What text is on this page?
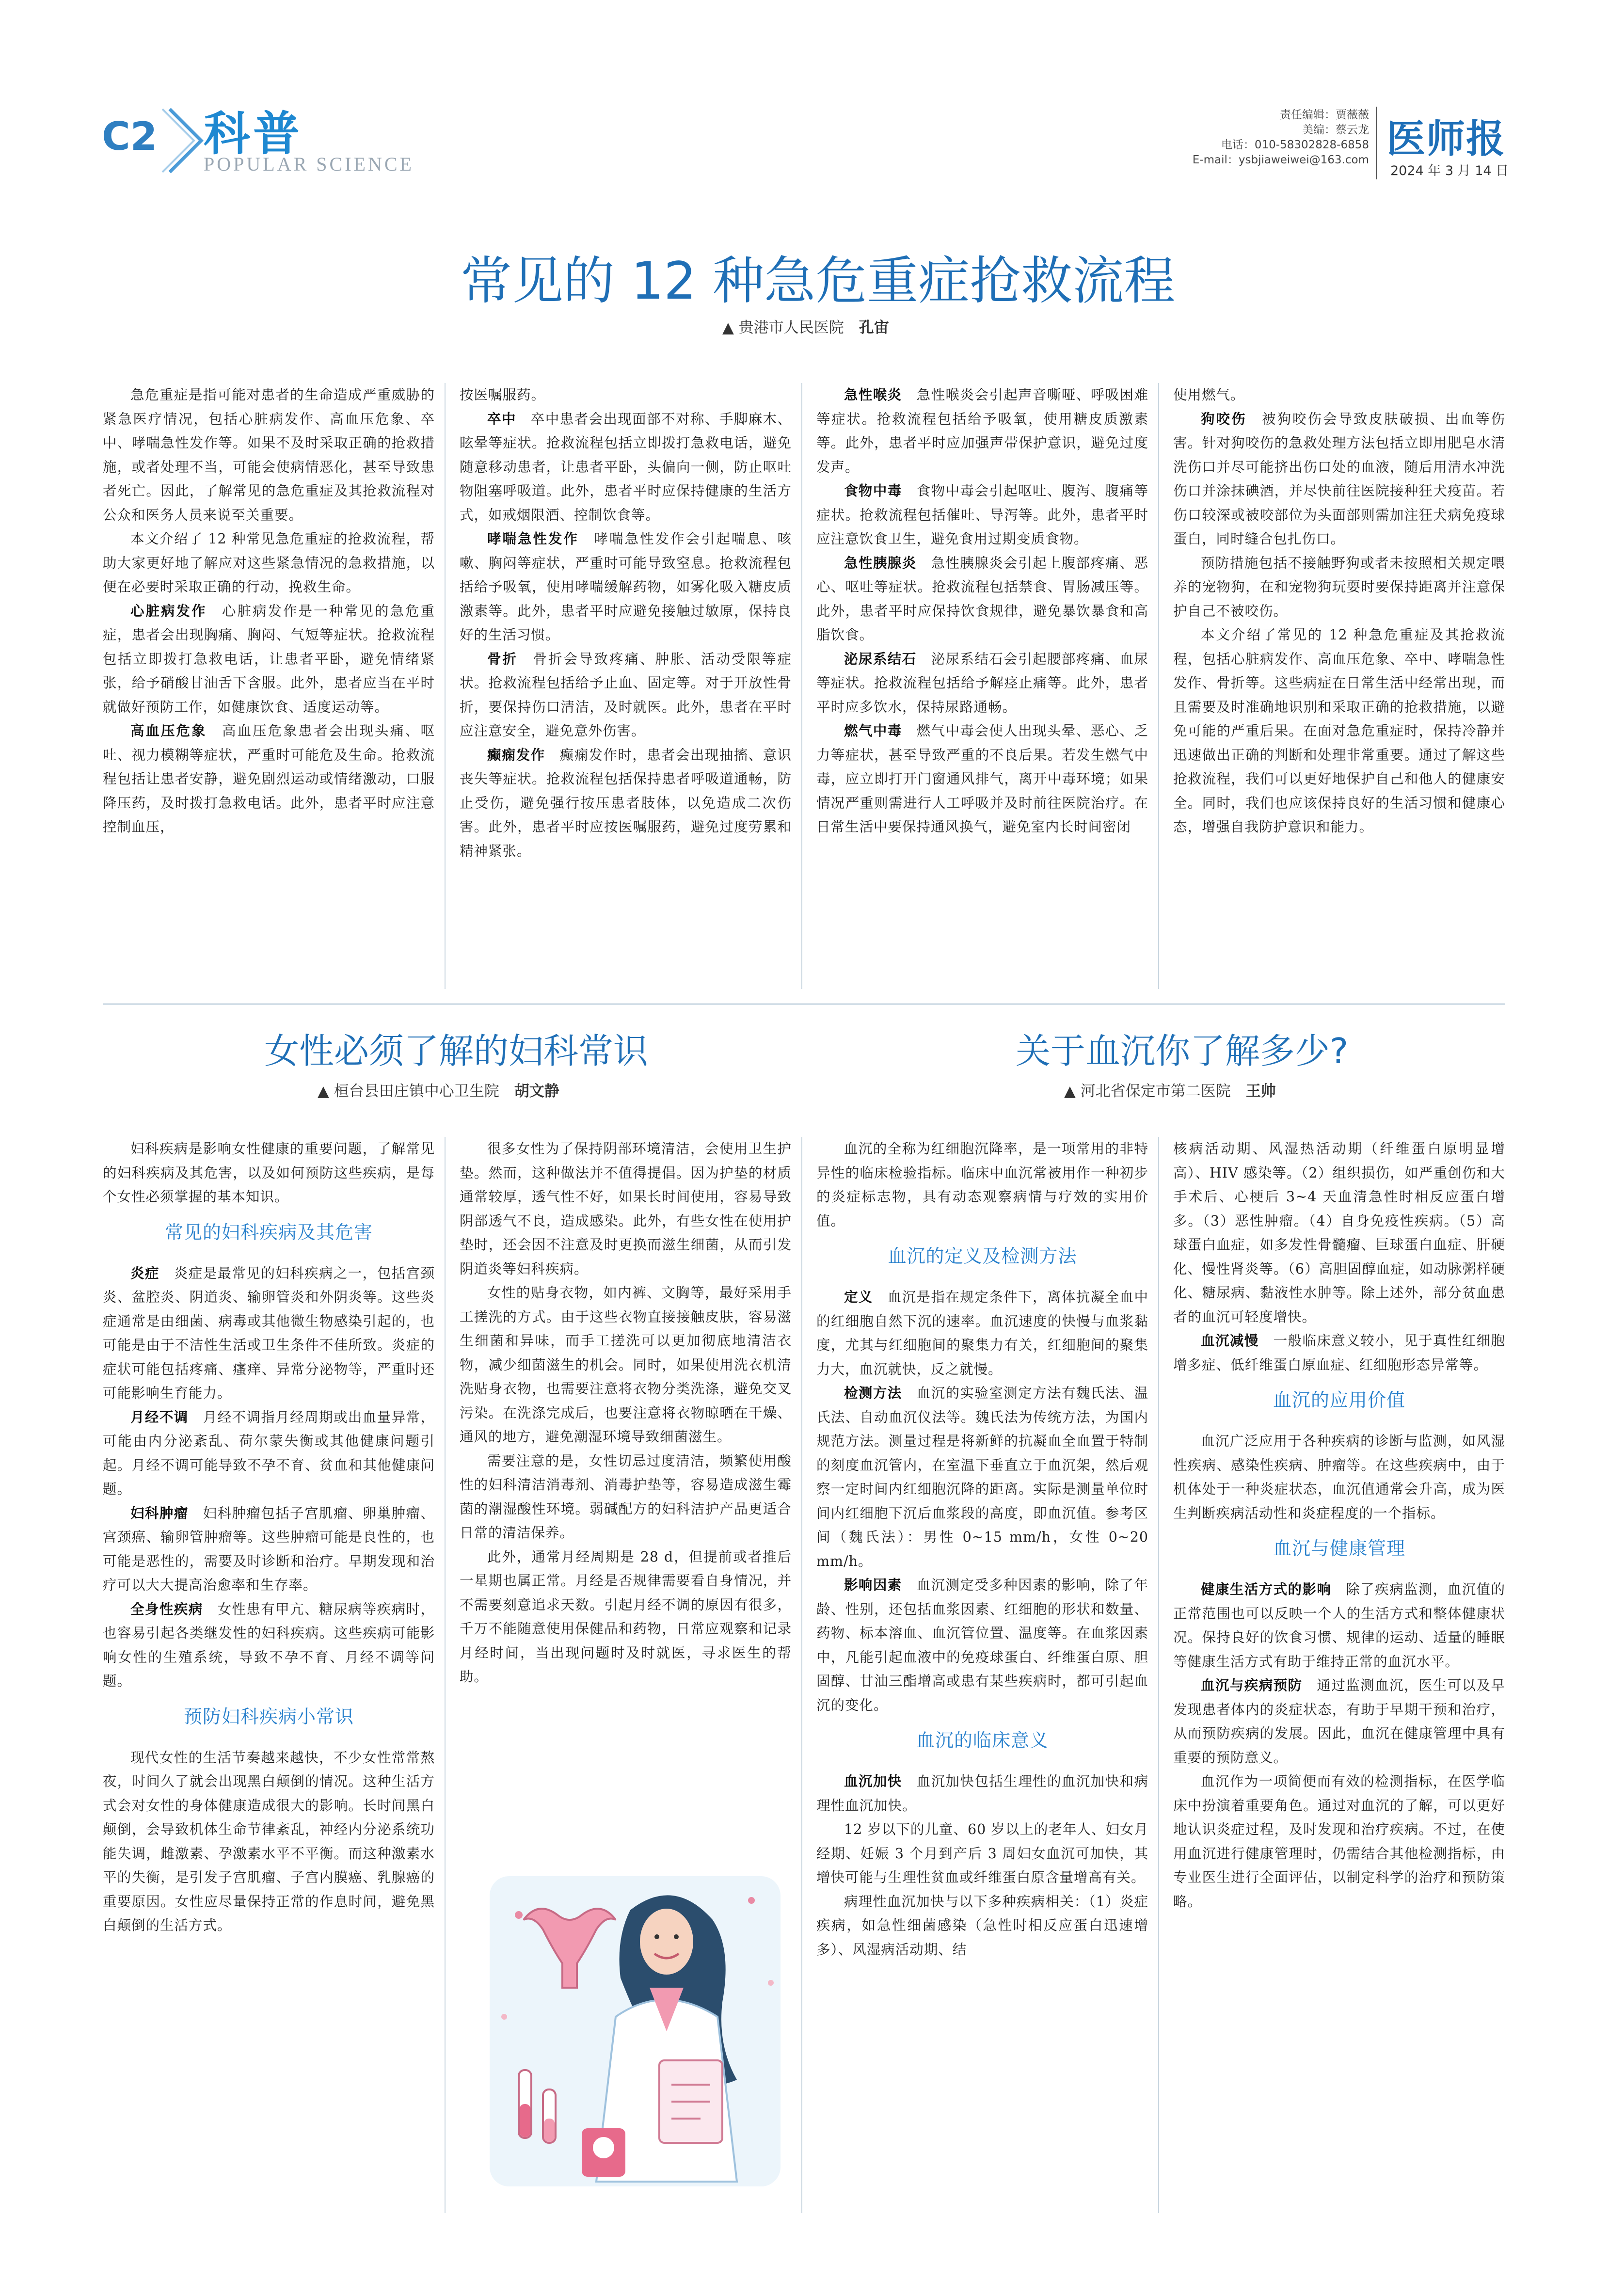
C2 科普
POPULAR SCIENCE
责任编辑：贾薇薇
美编：蔡云龙
电话：010-58302828-6858
E-mail：ysbjiaweiwei@163.com 医师报
2024 年 3 月 14 日
常见的 12 种急危重症抢救流程
▲ 贵港市人民医院　 孔宙

急危重症是指可能对患者的生命造成严重威胁的紧急医疗情况，包括心脏病发作、高血压危象、卒中、哮喘急性发作等。如果不及时采取正确的抢救措施，或者处理不当，可能会使病情恶化，甚至导致患者死亡。因此，了解常见的急危重症及其抢救流程对公众和医务人员来说至关重要。

本文介绍了 12 种常见急危重症的抢救流程，帮助大家更好地了解应对这些紧急情况的急救措施，以便在必要时采取正确的行动，挽救生命。

心脏病发作　 心脏病发作是一种常见的急危重症，患者会出现胸痛、胸闷、气短等症状。抢救流程包括立即拨打急救电话，让患者平卧，避免情绪紧张，给予硝酸甘油舌下含服。此外，患者应当在平时就做好预防工作，如健康饮食、适度运动等。

高血压危象　 高血压危象患者会出现头痛、呕吐、视力模糊等症状，严重时可能危及生命。抢救流程包括让患者安静，避免剧烈运动或情绪激动，口服降压药，及时拨打急救电话。此外，患者平时应注意控制血压，

按医嘱服药。

卒中　 卒中患者会出现面部不对称、手脚麻木、眩晕等症状。抢救流程包括立即拨打急救电话，避免随意移动患者，让患者平卧，头偏向一侧，防止呕吐物阻塞呼吸道。此外，患者平时应保持健康的生活方式，如戒烟限酒、控制饮食等。

哮喘急性发作　 哮喘急性发作会引起喘息、咳嗽、胸闷等症状，严重时可能导致窒息。抢救流程包括给予吸氧，使用哮喘缓解药物，如雾化吸入糖皮质激素等。此外，患者平时应避免接触过敏原，保持良好的生活习惯。

骨折　 骨折会导致疼痛、肿胀、活动受限等症状。抢救流程包括给予止血、固定等。对于开放性骨折，要保持伤口清洁，及时就医。此外，患者在平时应注意安全，避免意外伤害。

癫痫发作　 癫痫发作时，患者会出现抽搐、意识丧失等症状。抢救流程包括保持患者呼吸道通畅，防止受伤，避免强行按压患者肢体，以免造成二次伤害。此外，患者平时应按医嘱服药，避免过度劳累和精神紧张。

急性喉炎　 急性喉炎会引起声音嘶哑、呼吸困难等症状。抢救流程包括给予吸氧，使用糖皮质激素等。此外，患者平时应加强声带保护意识，避免过度发声。

食物中毒　 食物中毒会引起呕吐、腹泻、腹痛等症状。抢救流程包括催吐、导泻等。此外，患者平时应注意饮食卫生，避免食用过期变质食物。

急性胰腺炎　 急性胰腺炎会引起上腹部疼痛、恶心、呕吐等症状。抢救流程包括禁食、胃肠减压等。此外，患者平时应保持饮食规律，避免暴饮暴食和高脂饮食。

泌尿系结石　 泌尿系结石会引起腰部疼痛、血尿等症状。抢救流程包括给予解痉止痛等。此外，患者平时应多饮水，保持尿路通畅。

燃气中毒　 燃气中毒会使人出现头晕、恶心、乏力等症状，甚至导致严重的不良后果。若发生燃气中毒，应立即打开门窗通风排气，离开中毒环境；如果情况严重则需进行人工呼吸并及时前往医院治疗。在日常生活中要保持通风换气，避免室内长时间密闭

使用燃气。

狗咬伤　 被狗咬伤会导致皮肤破损、出血等伤害。针对狗咬伤的急救处理方法包括立即用肥皂水清洗伤口并尽可能挤出伤口处的血液，随后用清水冲洗伤口并涂抹碘酒，并尽快前往医院接种狂犬疫苗。若伤口较深或被咬部位为头面部则需加注狂犬病免疫球蛋白，同时缝合包扎伤口。

预防措施包括不接触野狗或者未按照相关规定喂养的宠物狗，在和宠物狗玩耍时要保持距离并注意保护自己不被咬伤。

本文介绍了常见的 12 种急危重症及其抢救流程，包括心脏病发作、高血压危象、卒中、哮喘急性发作、骨折等。这些病症在日常生活中经常出现，而且需要及时准确地识别和采取正确的抢救措施，以避免可能的严重后果。在面对急危重症时，保持冷静并迅速做出正确的判断和处理非常重要。通过了解这些抢救流程，我们可以更好地保护自己和他人的健康安全。同时，我们也应该保持良好的生活习惯和健康心态，增强自我防护意识和能力。

女性必须了解的妇科常识
▲ 桓台县田庄镇中心卫生院　 胡文静

妇科疾病是影响女性健康的重要问题，了解常见的妇科疾病及其危害，以及如何预防这些疾病，是每个女性必须掌握的基本知识。

常见的妇科疾病及其危害

炎症　 炎症是最常见的妇科疾病之一，包括宫颈炎、盆腔炎、阴道炎、输卵管炎和外阴炎等。这些炎症通常是由细菌、病毒或其他微生物感染引起的，也可能是由于不洁性生活或卫生条件不佳所致。炎症的症状可能包括疼痛、瘙痒、异常分泌物等，严重时还可能影响生育能力。

月经不调　 月经不调指月经周期或出血量异常，可能由内分泌紊乱、荷尔蒙失衡或其他健康问题引起。月经不调可能导致不孕不育、贫血和其他健康问题。

妇科肿瘤　 妇科肿瘤包括子宫肌瘤、卵巢肿瘤、宫颈癌、输卵管肿瘤等。这些肿瘤可能是良性的，也可能是恶性的，需要及时诊断和治疗。早期发现和治疗可以大大提高治愈率和生存率。

全身性疾病　 女性患有甲亢、糖尿病等疾病时，也容易引起各类继发性的妇科疾病。这些疾病可能影响女性的生殖系统，导致不孕不育、月经不调等问题。

预防妇科疾病小常识

现代女性的生活节奏越来越快，不少女性常常熬夜，时间久了就会出现黑白颠倒的情况。这种生活方式会对女性的身体健康造成很大的影响。长时间黑白颠倒，会导致机体生命节律紊乱，神经内分泌系统功能失调，雌激素、孕激素水平不平衡。而这种激素水平的失衡，是引发子宫肌瘤、子宫内膜癌、乳腺癌的重要原因。女性应尽量保持正常的作息时间，避免黑白颠倒的生活方式。

很多女性为了保持阴部环境清洁，会使用卫生护垫。然而，这种做法并不值得提倡。因为护垫的材质通常较厚，透气性不好，如果长时间使用，容易导致阴部透气不良，造成感染。此外，有些女性在使用护垫时，还会因不注意及时更换而滋生细菌，从而引发阴道炎等妇科疾病。

女性的贴身衣物，如内裤、文胸等，最好采用手工搓洗的方式。由于这些衣物直接接触皮肤，容易滋生细菌和异味，而手工搓洗可以更加彻底地清洁衣物，减少细菌滋生的机会。同时，如果使用洗衣机清洗贴身衣物，也需要注意将衣物分类洗涤，避免交叉污染。在洗涤完成后，也要注意将衣物晾晒在干燥、通风的地方，避免潮湿环境导致细菌滋生。

需要注意的是，女性切忌过度清洁，频繁使用酸性的妇科清洁消毒剂、消毒护垫等，容易造成滋生霉菌的潮湿酸性环境。弱碱配方的妇科洁护产品更适合日常的清洁保养。

此外，通常月经周期是 28 d，但提前或者推后一星期也属正常。月经是否规律需要看自身情况，并不需要刻意追求天数。引起月经不调的原因有很多，千万不能随意使用保健品和药物，日常应观察和记录月经时间，当出现问题时及时就医，寻求医生的帮助。

关于血沉你了解多少?
▲ 河北省保定市第二医院　 王帅

血沉的全称为红细胞沉降率，是一项常用的非特异性的临床检验指标。临床中血沉常被用作一种初步的炎症标志物，具有动态观察病情与疗效的实用价值。

血沉的定义及检测方法

定义　 血沉是指在规定条件下，离体抗凝全血中的红细胞自然下沉的速率。血沉速度的快慢与血浆黏度，尤其与红细胞间的聚集力有关，红细胞间的聚集力大，血沉就快，反之就慢。

检测方法　 血沉的实验室测定方法有魏氏法、温氏法、自动血沉仪法等。魏氏法为传统方法，为国内规范方法。测量过程是将新鲜的抗凝血全血置于特制的刻度血沉管内，在室温下垂直立于血沉架，然后观察一定时间内红细胞沉降的距离。实际是测量单位时间内红细胞下沉后血浆段的高度，即血沉值。参考区间（魏氏法）：男性 0~15 mm/h，女性 0~20 mm/h。

影响因素　 血沉测定受多种因素的影响，除了年龄、性别，还包括血浆因素、红细胞的形状和数量、药物、标本溶血、血沉管位置、温度等。在血浆因素中，凡能引起血液中的免疫球蛋白、纤维蛋白原、胆固醇、甘油三酯增高或患有某些疾病时，都可引起血沉的变化。

血沉的临床意义

血沉加快　 血沉加快包括生理性的血沉加快和病理性血沉加快。

12 岁以下的儿童、60 岁以上的老年人、妇女月经期、妊娠 3 个月到产后 3 周妇女血沉可加快，其增快可能与生理性贫血或纤维蛋白原含量增高有关。

病理性血沉加快与以下多种疾病相关：（1）炎症疾病，如急性细菌感染（急性时相反应蛋白迅速增多）、风湿病活动期、结

核病活动期、风湿热活动期（纤维蛋白原明显增高）、HIV 感染等。（2）组织损伤，如严重创伤和大手术后、心梗后 3~4 天血清急性时相反应蛋白增多。（3）恶性肿瘤。（4）自身免疫性疾病。（5）高球蛋白血症，如多发性骨髓瘤、巨球蛋白血症、肝硬化、慢性肾炎等。（6）高胆固醇血症，如动脉粥样硬化、糖尿病、黏液性水肿等。除上述外，部分贫血患者的血沉可轻度增快。

血沉减慢　 一般临床意义较小，见于真性红细胞增多症、低纤维蛋白原血症、红细胞形态异常等。

血沉的应用价值

血沉广泛应用于各种疾病的诊断与监测，如风湿性疾病、感染性疾病、肿瘤等。在这些疾病中，由于机体处于一种炎症状态，血沉值通常会升高，成为医生判断疾病活动性和炎症程度的一个指标。

血沉与健康管理

健康生活方式的影响　 除了疾病监测，血沉值的正常范围也可以反映一个人的生活方式和整体健康状况。保持良好的饮食习惯、规律的运动、适量的睡眠等健康生活方式有助于维持正常的血沉水平。

血沉与疾病预防　 通过监测血沉，医生可以及早发现患者体内的炎症状态，有助于早期干预和治疗，从而预防疾病的发展。因此，血沉在健康管理中具有重要的预防意义。

血沉作为一项简便而有效的检测指标，在医学临床中扮演着重要角色。通过对血沉的了解，可以更好地认识炎症过程，及时发现和治疗疾病。不过，在使用血沉进行健康管理时，仍需结合其他检测指标，由专业医生进行全面评估，以制定科学的治疗和预防策略。
